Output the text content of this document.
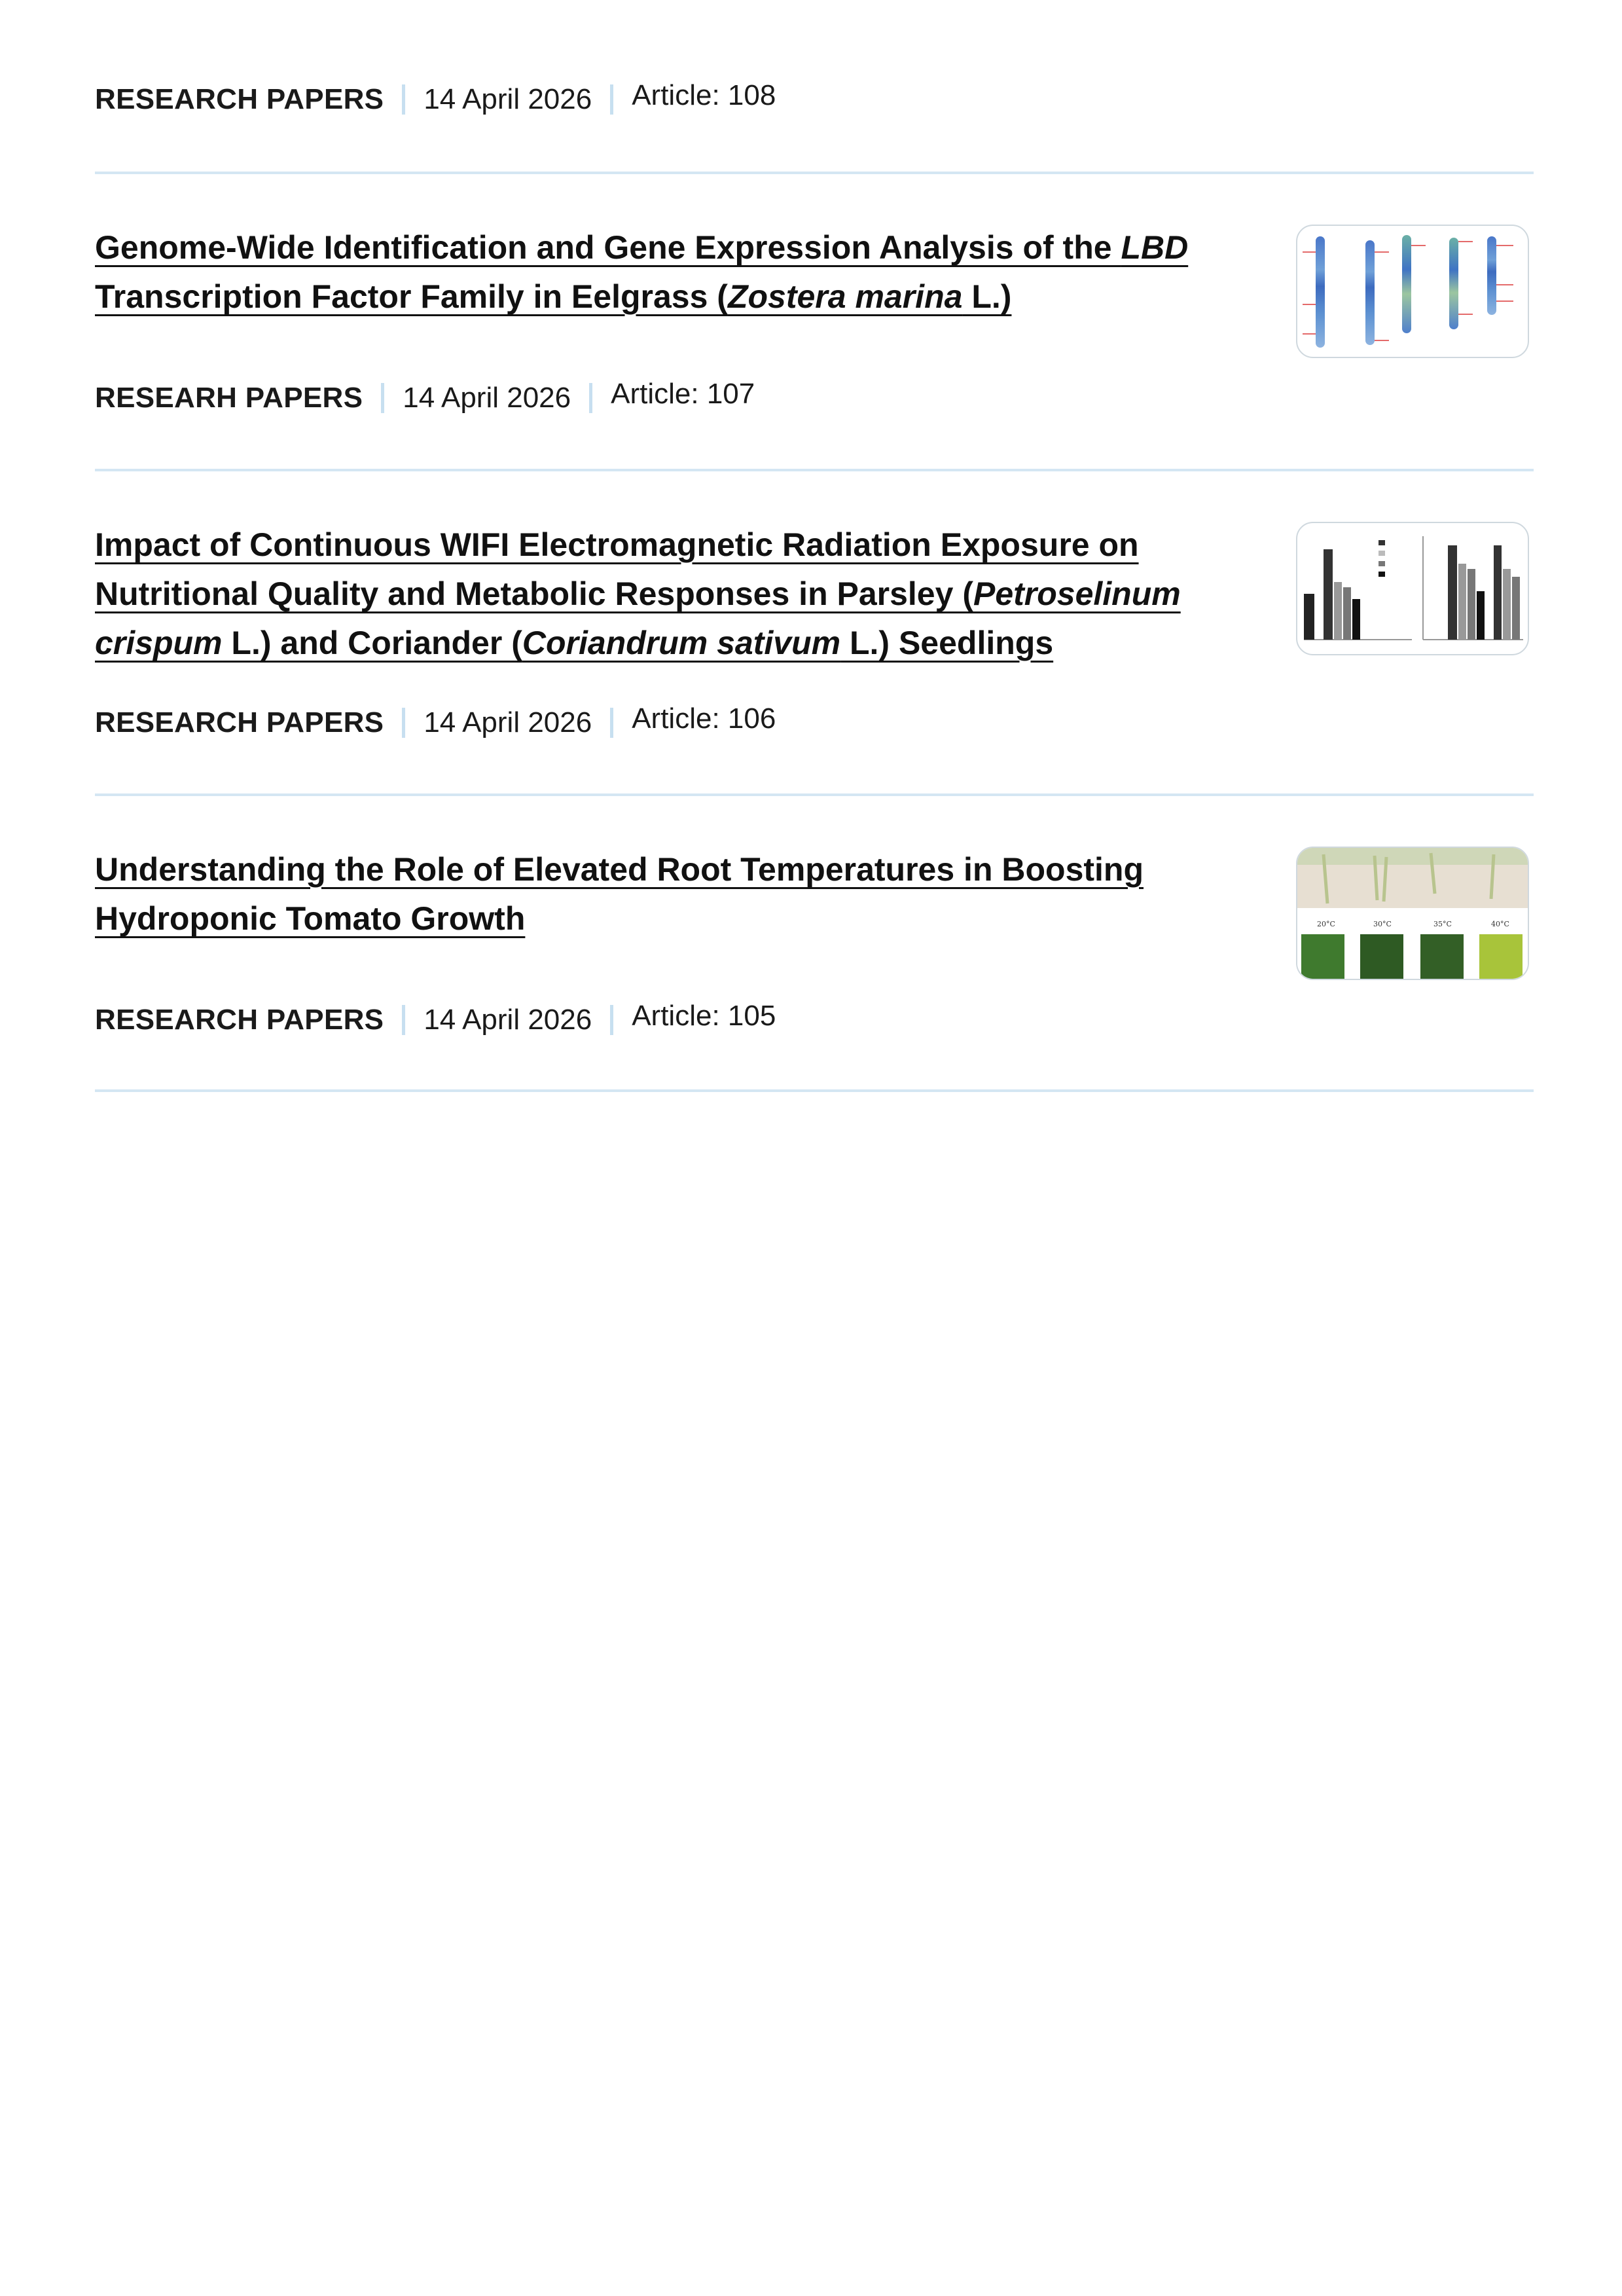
RESEARCH PAPERS 14 April 2026 Article: 108
Genome-Wide Identification and Gene Expression Analysis of the LBD Transcription Factor Family in Eelgrass (Zostera marina L.)
RESEARH PAPERS 14 April 2026 Article: 107
Impact of Continuous WIFI Electromagnetic Radiation Exposure on Nutritional Quality and Metabolic Responses in Parsley (Petroselinum crispum L.) and Coriander (Coriandrum sativum L.) Seedlings
RESEARCH PAPERS 14 April 2026 Article: 106
Understanding the Role of Elevated Root Temperatures in Boosting Hydroponic Tomato Growth	20°C	30°C	35°C	40°C
RESEARCH PAPERS 14 April 2026 Article: 105
